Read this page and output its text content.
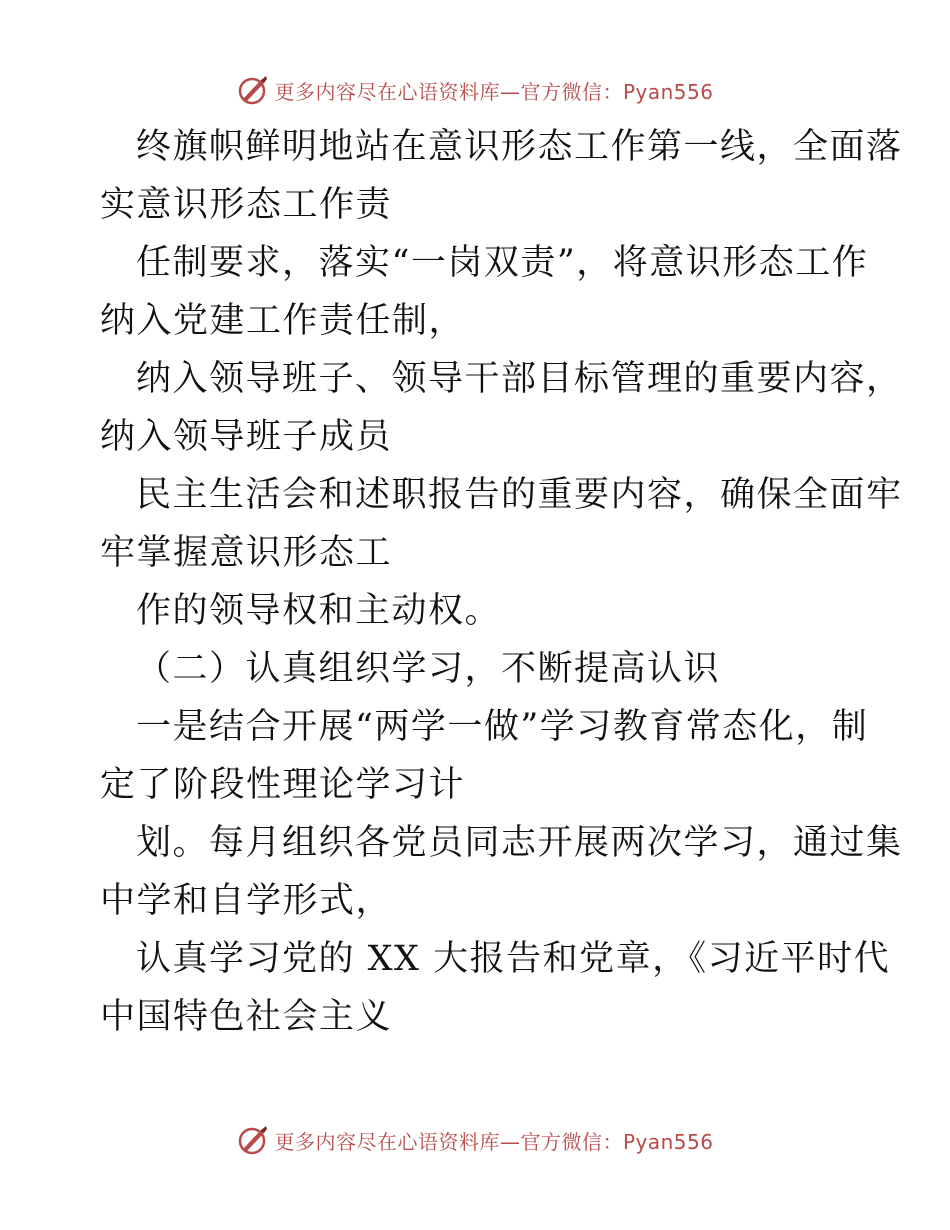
更多内容尽在心语资料库—官方微信：Pyan556

终旗帜鲜明地站在意识形态工作第一线，全面落

实意识形态工作责

任制要求，落实“一岗双责”，将意识形态工作

纳入党建工作责任制，

纳入领导班子、领导干部目标管理的重要内容，

纳入领导班子成员

民主生活会和述职报告的重要内容，确保全面牢

牢掌握意识形态工

作的领导权和主动权。

（二）认真组织学习，不断提高认识

一是结合开展“两学一做”学习教育常态化，制

定了阶段性理论学习计

划。每月组织各党员同志开展两次学习，通过集

中学和自学形式，

认真学习党的 XX 大报告和党章，《习近平时代

中国特色社会主义

更多内容尽在心语资料库—官方微信：Pyan556
